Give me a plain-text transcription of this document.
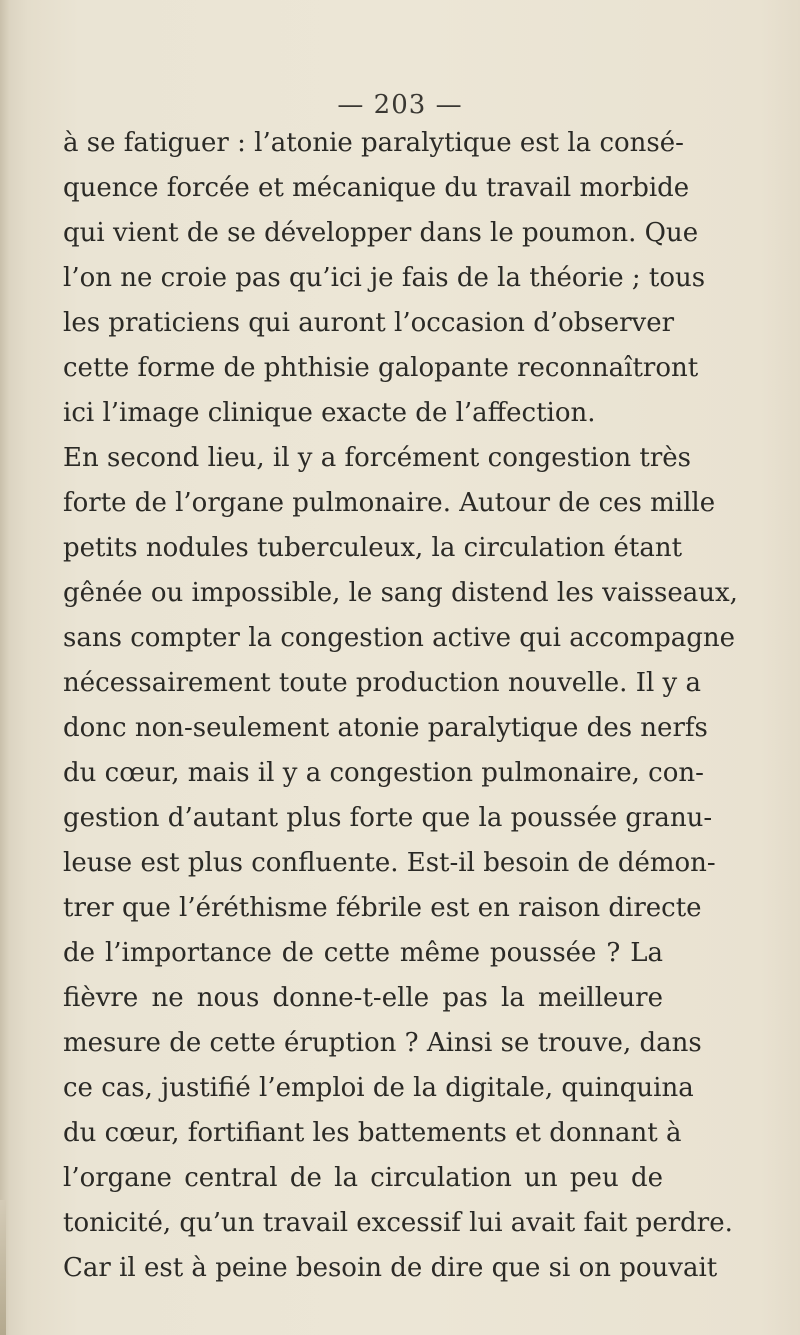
— 203 —
à se fatiguer : l’atonie paralytique est la consé-
quence forcée et mécanique du travail morbide
qui vient de se développer dans le poumon. Que
l’on ne croie pas qu’ici je fais de la théorie ; tous
les praticiens qui auront l’occasion d’observer
cette forme de phthisie galopante reconnaîtront
ici l’image clinique exacte de l’affection.
En second lieu, il y a forcément congestion très
forte de l’organe pulmonaire. Autour de ces mille
petits nodules tuberculeux, la circulation étant
gênée ou impossible, le sang distend les vaisseaux,
sans compter la congestion active qui accompagne
nécessairement toute production nouvelle. Il y a
donc non-seulement atonie paralytique des nerfs
du cœur, mais il y a congestion pulmonaire, con-
gestion d’autant plus forte que la poussée granu-
leuse est plus confluente. Est-il besoin de démon-
trer que l’éréthisme fébrile est en raison directe
de l’importance de cette même poussée ? La
fièvre ne nous donne-t-elle pas la meilleure
mesure de cette éruption ? Ainsi se trouve, dans
ce cas, justifié l’emploi de la digitale, quinquina
du cœur, fortifiant les battements et donnant à
l’organe central de la circulation un peu de
tonicité, qu’un travail excessif lui avait fait perdre.
Car il est à peine besoin de dire que si on pouvait
